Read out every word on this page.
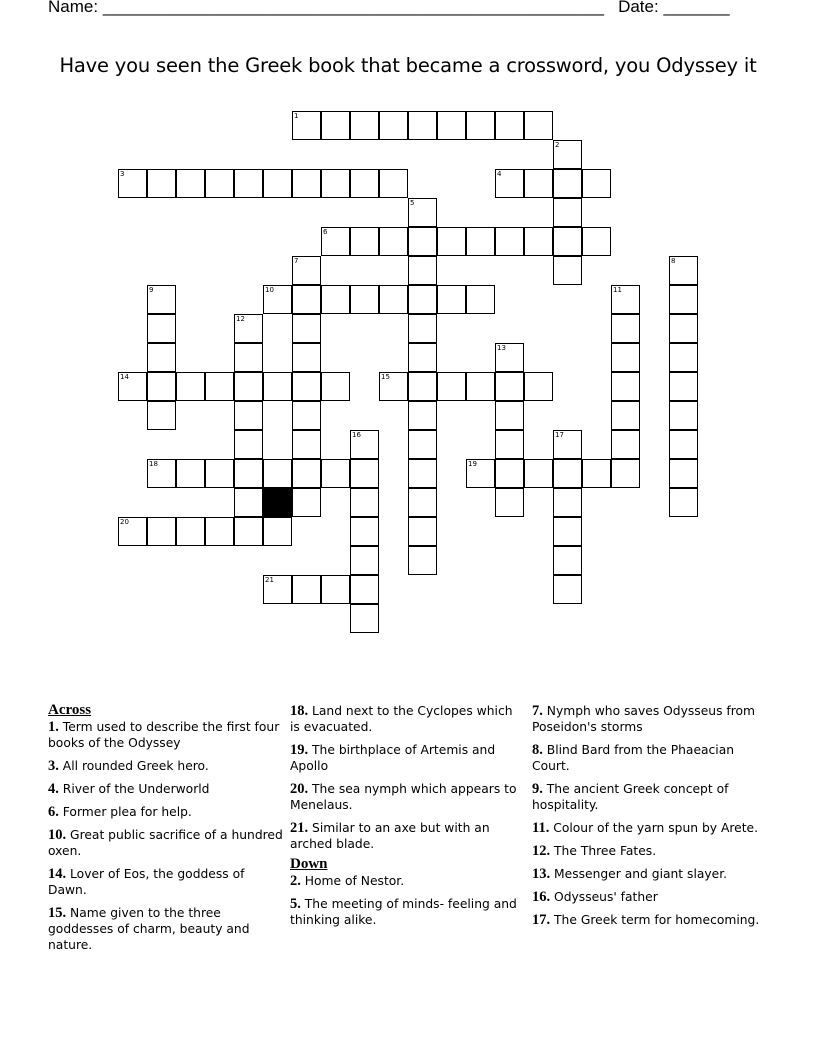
Name: _____________________________________________________ Date: _______
Have you seen the Greek book that became a crossword, you Odyssey it
1
2
3	4
5
6
7	8
9	10	11
12
13
14	15
16	17
18	19
20
21
Across
1. Term used to describe the first four books of the Odyssey
3. All rounded Greek hero.
4. River of the Underworld
6. Former plea for help.
10. Great public sacrifice of a hundred oxen.
14. Lover of Eos, the goddess of Dawn.
15. Name given to the three goddesses of charm, beauty and nature.
18. Land next to the Cyclopes which is evacuated.
19. The birthplace of Artemis and Apollo
20. The sea nymph which appears to Menelaus.
21. Similar to an axe but with an arched blade.
Down
2. Home of Nestor.
5. The meeting of minds- feeling and thinking alike.
7. Nymph who saves Odysseus from Poseidon's storms
8. Blind Bard from the Phaeacian Court.
9. The ancient Greek concept of hospitality.
11. Colour of the yarn spun by Arete.
12. The Three Fates.
13. Messenger and giant slayer.
16. Odysseus' father
17. The Greek term for homecoming.
